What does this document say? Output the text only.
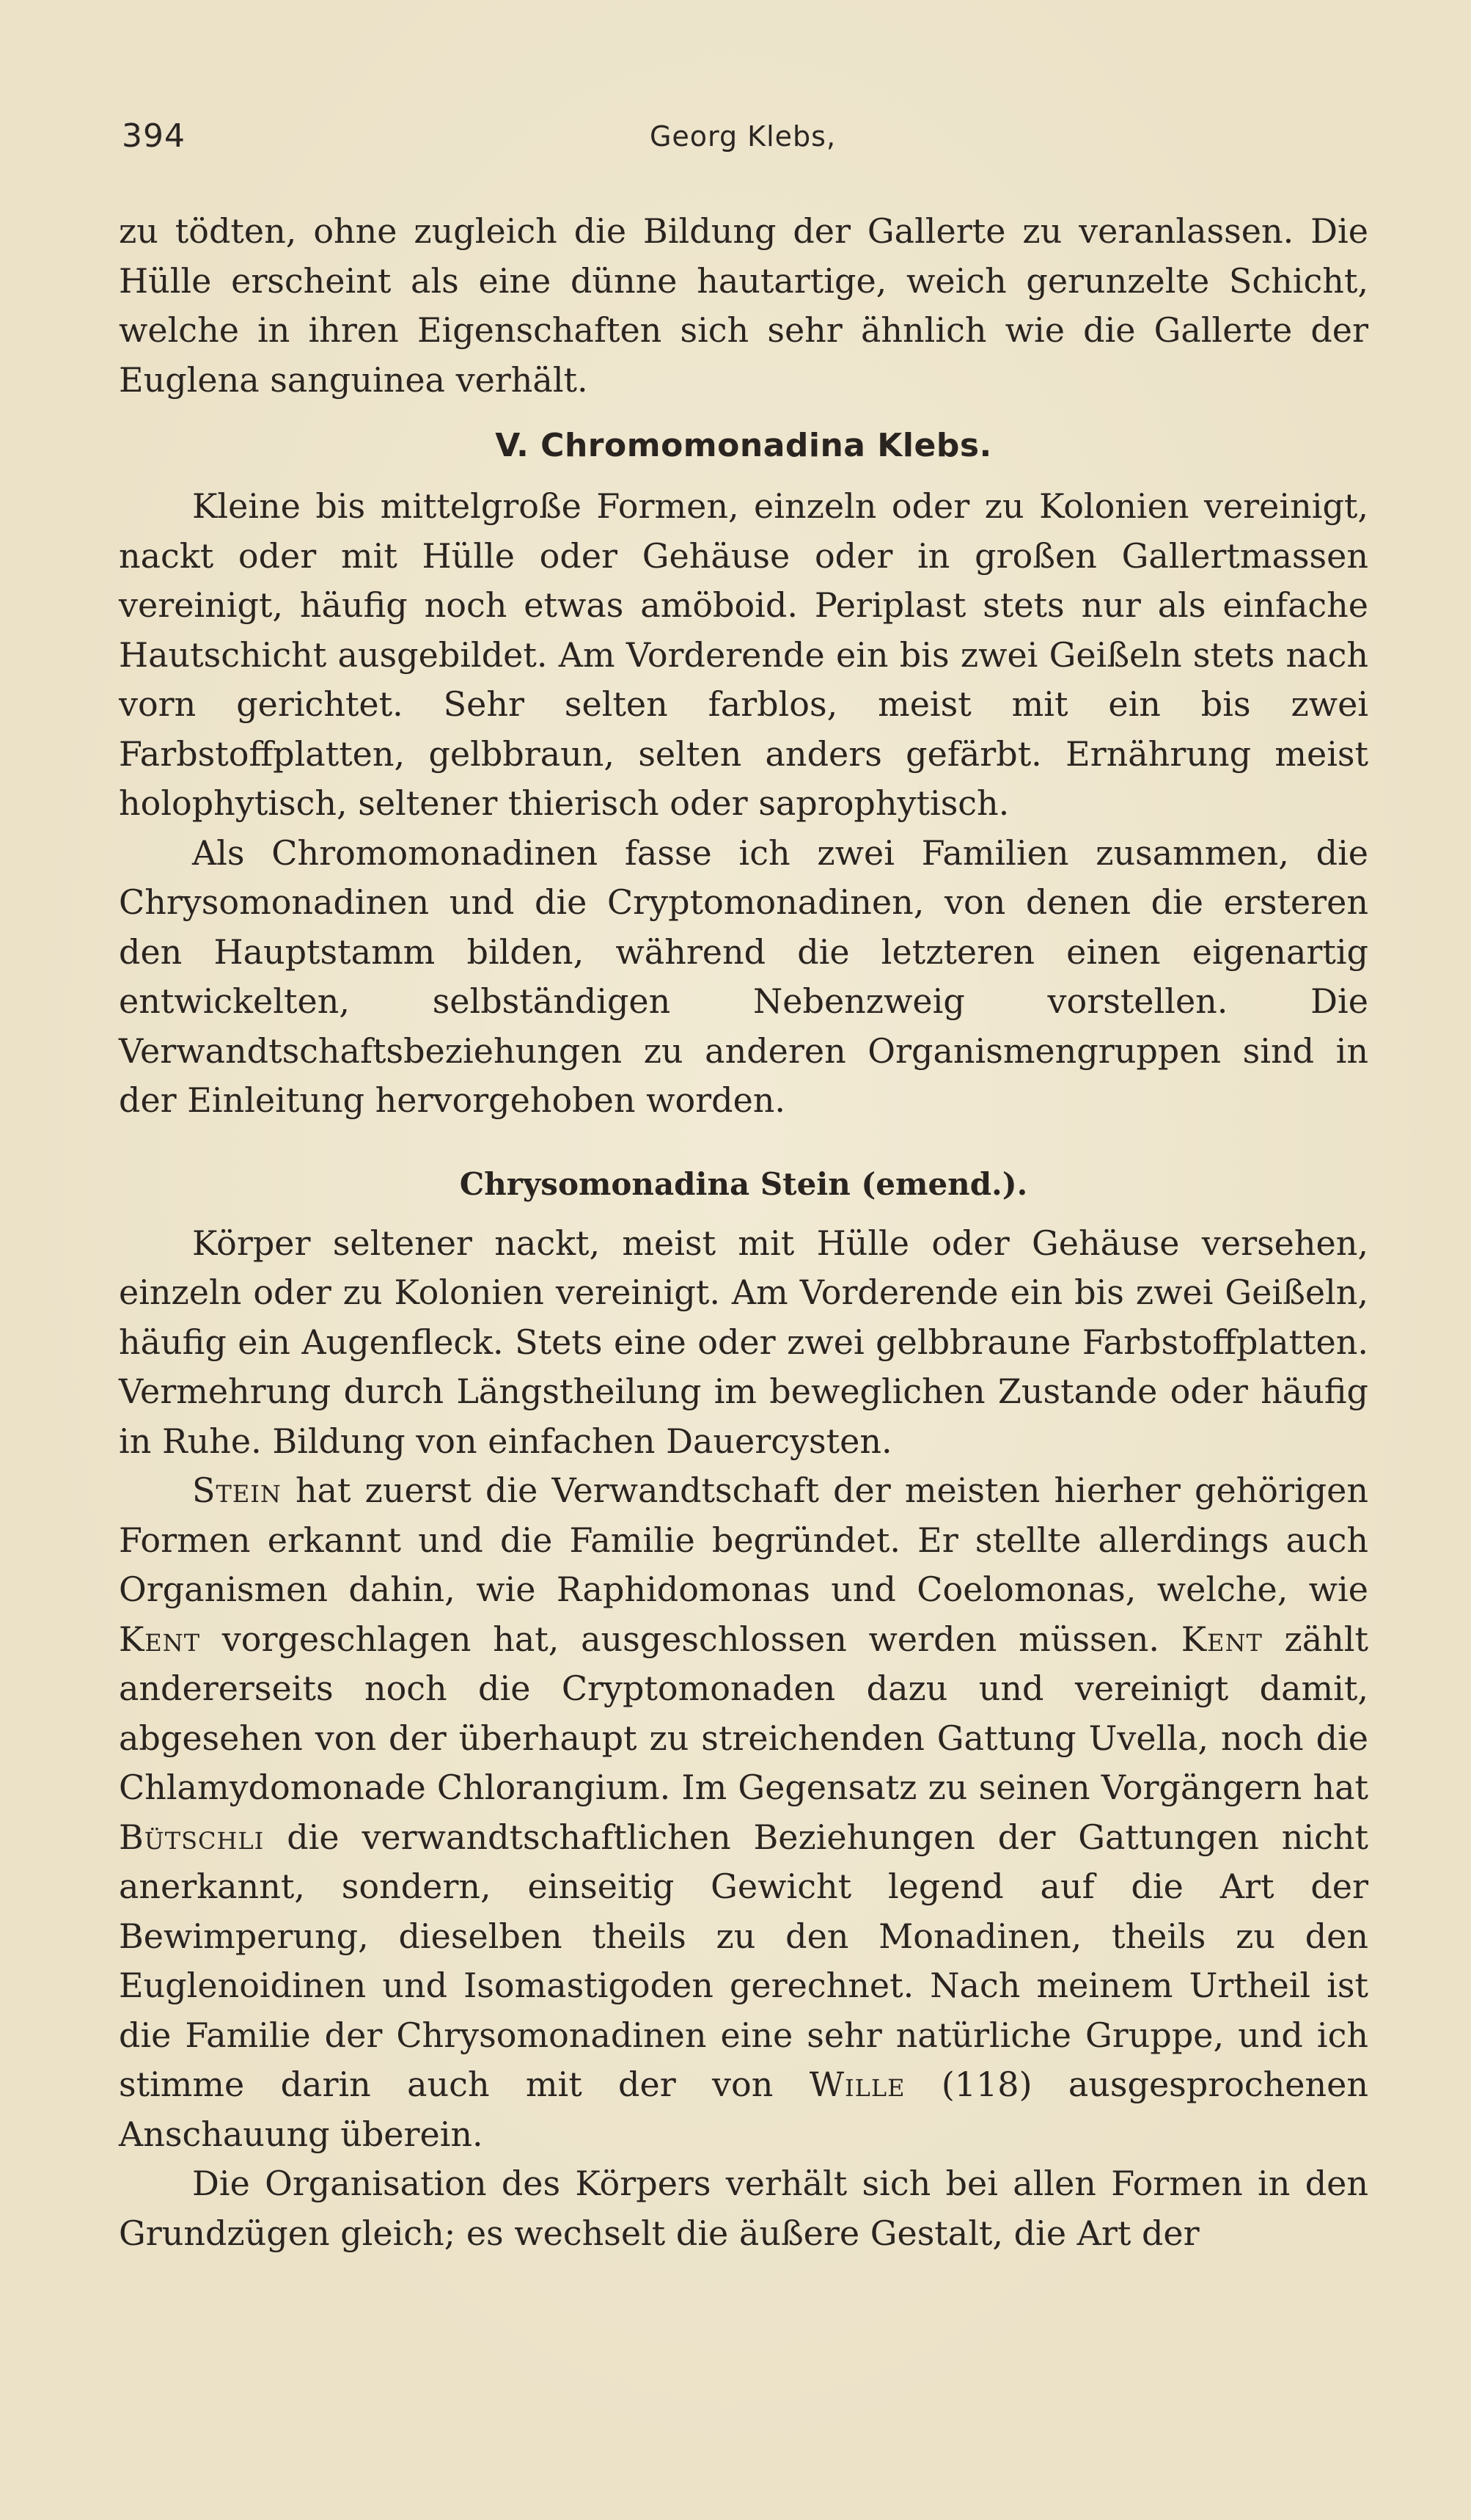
394	Georg Klebs,

zu tödten, ohne zugleich die Bildung der Gallerte zu veranlassen. Die Hülle erscheint als eine dünne hautartige, weich gerunzelte Schicht, welche in ihren Eigenschaften sich sehr ähnlich wie die Gallerte der Euglena sanguinea verhält.

V. Chromomonadina Klebs.

Kleine bis mittelgroße Formen, einzeln oder zu Kolonien vereinigt, nackt oder mit Hülle oder Gehäuse oder in großen Gallertmassen vereinigt, häufig noch etwas amöboid. Periplast stets nur als einfache Hautschicht ausgebildet. Am Vorderende ein bis zwei Geißeln stets nach vorn gerichtet. Sehr selten farblos, meist mit ein bis zwei Farbstoffplatten, gelbbraun, selten anders gefärbt. Ernährung meist holophytisch, seltener thierisch oder saprophytisch.

Als Chromomonadinen fasse ich zwei Familien zusammen, die Chrysomonadinen und die Cryptomonadinen, von denen die ersteren den Hauptstamm bilden, während die letzteren einen eigenartig entwickelten, selbständigen Nebenzweig vorstellen. Die Verwandtschaftsbeziehungen zu anderen Organismengruppen sind in der Einleitung hervorgehoben worden.

Chrysomonadina Stein (emend.).

Körper seltener nackt, meist mit Hülle oder Gehäuse versehen, einzeln oder zu Kolonien vereinigt. Am Vorderende ein bis zwei Geißeln, häufig ein Augenfleck. Stets eine oder zwei gelbbraune Farbstoffplatten. Vermehrung durch Längstheilung im beweglichen Zustande oder häufig in Ruhe. Bildung von einfachen Dauercysten.

Stein hat zuerst die Verwandtschaft der meisten hierher gehörigen Formen erkannt und die Familie begründet. Er stellte allerdings auch Organismen dahin, wie Raphidomonas und Coelomonas, welche, wie Kent vorgeschlagen hat, ausgeschlossen werden müssen. Kent zählt andererseits noch die Cryptomonaden dazu und vereinigt damit, abgesehen von der überhaupt zu streichenden Gattung Uvella, noch die Chlamydomonade Chlorangium. Im Gegensatz zu seinen Vorgängern hat Bütschli die verwandtschaftlichen Beziehungen der Gattungen nicht anerkannt, sondern, einseitig Gewicht legend auf die Art der Bewimperung, dieselben theils zu den Monadinen, theils zu den Euglenoidinen und Isomastigoden gerechnet. Nach meinem Urtheil ist die Familie der Chrysomonadinen eine sehr natürliche Gruppe, und ich stimme darin auch mit der von Wille (118) ausgesprochenen Anschauung überein.

Die Organisation des Körpers verhält sich bei allen Formen in den Grundzügen gleich; es wechselt die äußere Gestalt, die Art der
